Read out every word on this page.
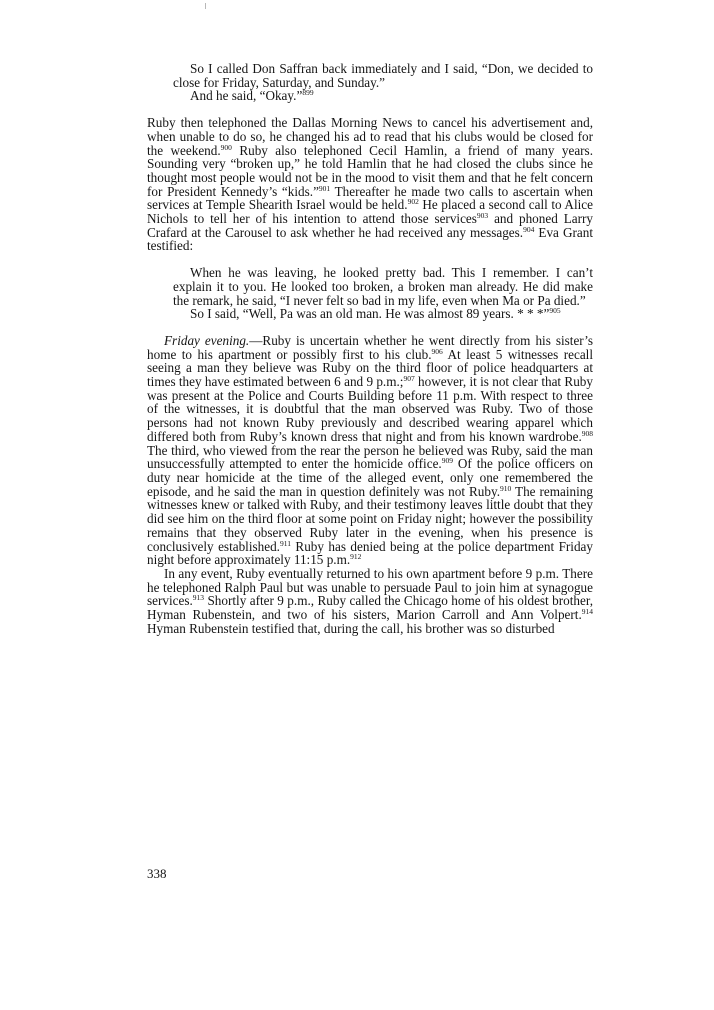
So I called Don Saffran back immediately and I said, “Don, we decided to close for Friday, Saturday, and Sunday.”

And he said, “Okay.”$^{899}$

Ruby then telephoned the Dallas Morning News to cancel his advertisement and, when unable to do so, he changed his ad to read that his clubs would be closed for the weekend.$^{900}$ Ruby also telephoned Cecil Hamlin, a friend of many years. Sounding very “broken up,” he told Hamlin that he had closed the clubs since he thought most people would not be in the mood to visit them and that he felt concern for President Kennedy’s “kids.”$^{901}$ Thereafter he made two calls to ascertain when services at Temple Shearith Israel would be held.$^{902}$ He placed a second call to Alice Nichols to tell her of his intention to attend those services$^{903}$ and phoned Larry Crafard at the Carousel to ask whether he had received any messages.$^{904}$ Eva Grant testified:

When he was leaving, he looked pretty bad. This I remember. I can’t explain it to you. He looked too broken, a broken man already. He did make the remark, he said, “I never felt so bad in my life, even when Ma or Pa died.”

So I said, “Well, Pa was an old man. He was almost 89 years. * * *”$^{905}$

Friday evening.—Ruby is uncertain whether he went directly from his sister’s home to his apartment or possibly first to his club.$^{906}$ At least 5 witnesses recall seeing a man they believe was Ruby on the third floor of police headquarters at times they have estimated between 6 and 9 p.m.;$^{907}$ however, it is not clear that Ruby was present at the Police and Courts Building before 11 p.m. With respect to three of the witnesses, it is doubtful that the man observed was Ruby. Two of those persons had not known Ruby previously and described wearing apparel which differed both from Ruby’s known dress that night and from his known wardrobe.$^{908}$ The third, who viewed from the rear the person he believed was Ruby, said the man unsuccessfully attempted to enter the homicide office.$^{909}$ Of the police officers on duty near homicide at the time of the alleged event, only one remembered the episode, and he said the man in question definitely was not Ruby.$^{910}$ The remaining witnesses knew or talked with Ruby, and their testimony leaves little doubt that they did see him on the third floor at some point on Friday night; however the possibility remains that they observed Ruby later in the evening, when his presence is conclusively established.$^{911}$ Ruby has denied being at the police department Friday night before approximately 11:15 p.m.$^{912}$

In any event, Ruby eventually returned to his own apartment before 9 p.m. There he telephoned Ralph Paul but was unable to persuade Paul to join him at synagogue services.$^{913}$ Shortly after 9 p.m., Ruby called the Chicago home of his oldest brother, Hyman Rubenstein, and two of his sisters, Marion Carroll and Ann Volpert.$^{914}$ Hyman Rubenstein testified that, during the call, his brother was so disturbed

338
